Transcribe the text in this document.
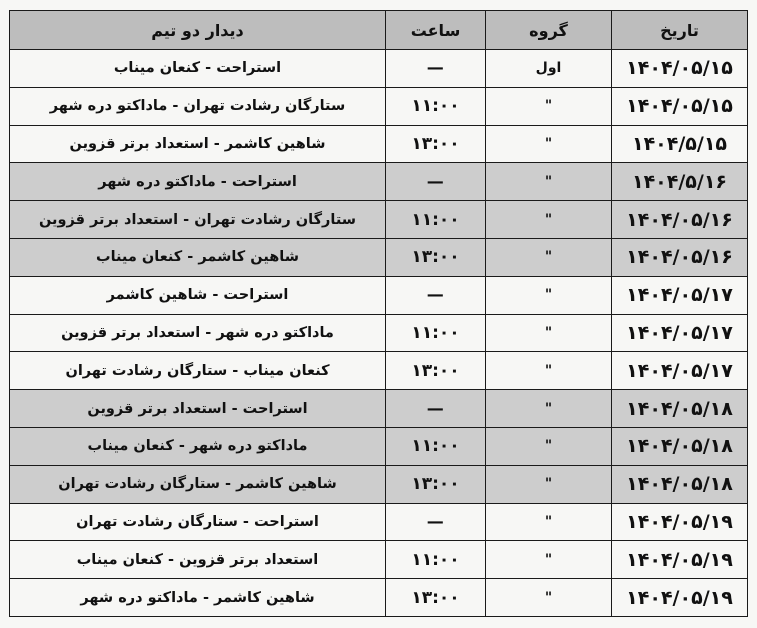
دیدار دو تیم	ساعت	گروه	تاریخ
استراحت - کنعان میناب	—	اول	۱۴۰۴/۰۵/۱۵
ستارگان رشادت تهران - ماداکتو دره شهر	۱۱:۰۰	"	۱۴۰۴/۰۵/۱۵
شاهین کاشمر - استعداد برتر قزوین	۱۳:۰۰	"	۱۴۰۴/۵/۱۵
استراحت - ماداکتو دره شهر	—	"	۱۴۰۴/۵/۱۶
ستارگان رشادت تهران - استعداد برتر قزوین	۱۱:۰۰	"	۱۴۰۴/۰۵/۱۶
شاهین کاشمر - کنعان میناب	۱۳:۰۰	"	۱۴۰۴/۰۵/۱۶
استراحت - شاهین کاشمر	—	"	۱۴۰۴/۰۵/۱۷
ماداکتو دره شهر - استعداد برتر قزوین	۱۱:۰۰	"	۱۴۰۴/۰۵/۱۷
کنعان میناب - ستارگان رشادت تهران	۱۳:۰۰	"	۱۴۰۴/۰۵/۱۷
استراحت - استعداد برتر قزوین	—	"	۱۴۰۴/۰۵/۱۸
ماداکتو دره شهر - کنعان میناب	۱۱:۰۰	"	۱۴۰۴/۰۵/۱۸
شاهین کاشمر - ستارگان رشادت تهران	۱۳:۰۰	"	۱۴۰۴/۰۵/۱۸
استراحت - ستارگان رشادت تهران	—	"	۱۴۰۴/۰۵/۱۹
استعداد برتر قزوین - کنعان میناب	۱۱:۰۰	"	۱۴۰۴/۰۵/۱۹
شاهین کاشمر - ماداکتو دره شهر	۱۳:۰۰	"	۱۴۰۴/۰۵/۱۹
